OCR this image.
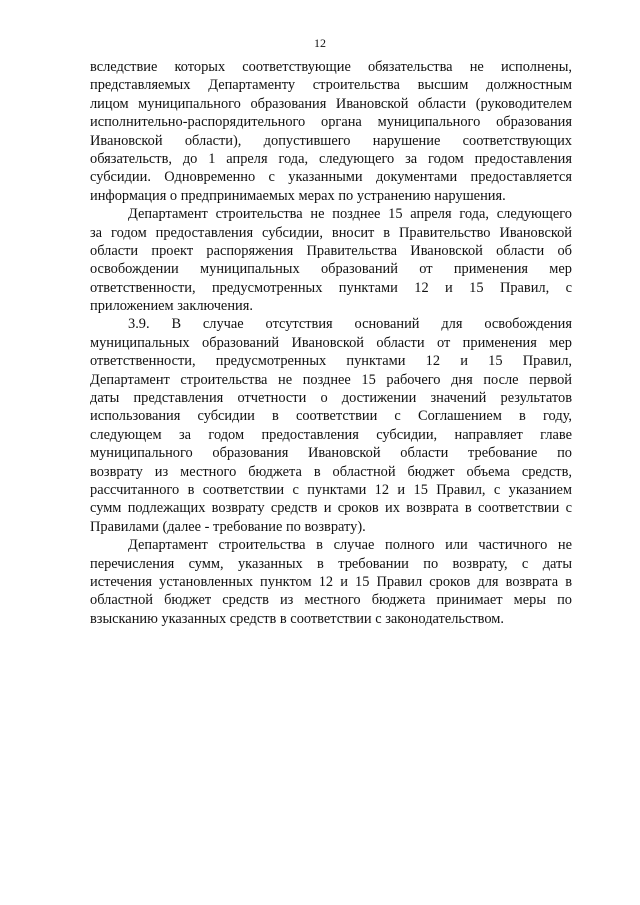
12
вследствие которых соответствующие обязательства не исполнены,
представляемых Департаменту строительства высшим должностным
лицом муниципального образования Ивановской области (руководителем
исполнительно-распорядительного органа муниципального образования
Ивановской области), допустившего нарушение соответствующих
обязательств, до 1 апреля года, следующего за годом предоставления
субсидии. Одновременно с указанными документами предоставляется
информация о предпринимаемых мерах по устранению нарушения.
Департамент строительства не позднее 15 апреля года, следующего
за годом предоставления субсидии, вносит в Правительство Ивановской
области проект распоряжения Правительства Ивановской области об
освобождении муниципальных образований от применения мер
ответственности, предусмотренных пунктами 12 и 15 Правил, с
приложением заключения.
3.9. В случае отсутствия оснований для освобождения
муниципальных образований Ивановской области от применения мер
ответственности, предусмотренных пунктами 12 и 15 Правил,
Департамент строительства не позднее 15 рабочего дня после первой
даты представления отчетности о достижении значений результатов
использования субсидии в соответствии с Соглашением в году,
следующем за годом предоставления субсидии, направляет главе
муниципального образования Ивановской области требование по
возврату из местного бюджета в областной бюджет объема средств,
рассчитанного в соответствии с пунктами 12 и 15 Правил, с указанием
сумм подлежащих возврату средств и сроков их возврата в соответствии с
Правилами (далее - требование по возврату).
Департамент строительства в случае полного или частичного не
перечисления сумм, указанных в требовании по возврату, с даты
истечения установленных пунктом 12 и 15 Правил сроков для возврата в
областной бюджет средств из местного бюджета принимает меры по
взысканию указанных средств в соответствии с законодательством.
